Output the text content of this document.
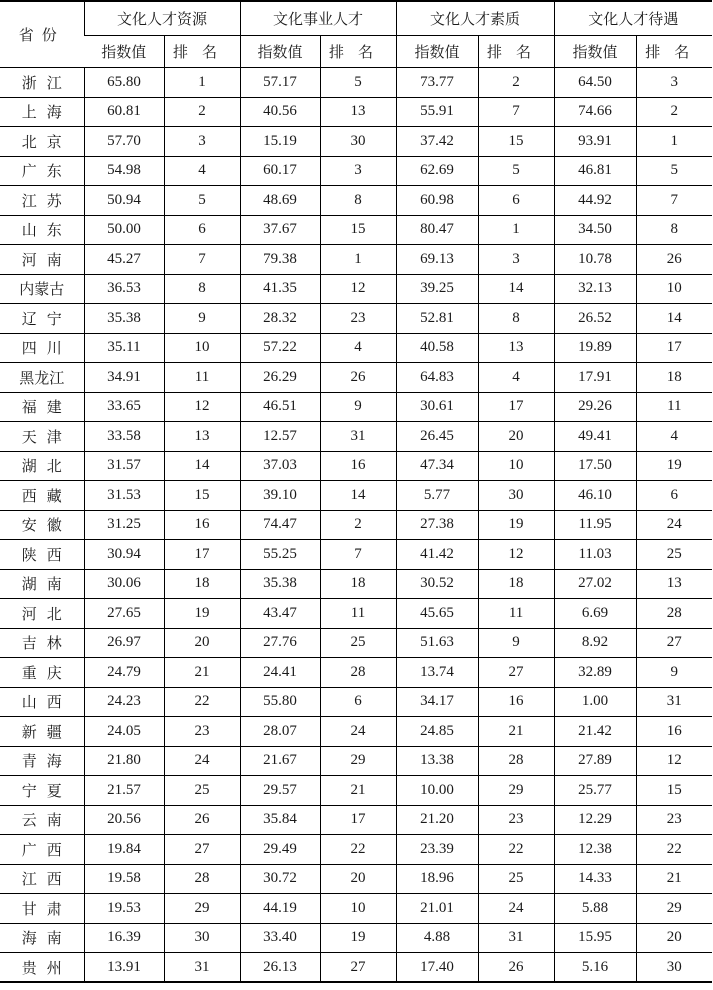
省份	文化人才资源		文化事业人才		文化人才素质		文化人才待遇	
	指数值	排名	指数值	排名	指数值	排名	指数值	排名
浙江	65.80	1	57.17	5	73.77	2	64.50	3
上海	60.81	2	40.56	13	55.91	7	74.66	2
北京	57.70	3	15.19	30	37.42	15	93.91	1
广东	54.98	4	60.17	3	62.69	5	46.81	5
江苏	50.94	5	48.69	8	60.98	6	44.92	7
山东	50.00	6	37.67	15	80.47	1	34.50	8
河南	45.27	7	79.38	1	69.13	3	10.78	26
内蒙古	36.53	8	41.35	12	39.25	14	32.13	10
辽宁	35.38	9	28.32	23	52.81	8	26.52	14
四川	35.11	10	57.22	4	40.58	13	19.89	17
黑龙江	34.91	11	26.29	26	64.83	4	17.91	18
福建	33.65	12	46.51	9	30.61	17	29.26	11
天津	33.58	13	12.57	31	26.45	20	49.41	4
湖北	31.57	14	37.03	16	47.34	10	17.50	19
西藏	31.53	15	39.10	14	5.77	30	46.10	6
安徽	31.25	16	74.47	2	27.38	19	11.95	24
陕西	30.94	17	55.25	7	41.42	12	11.03	25
湖南	30.06	18	35.38	18	30.52	18	27.02	13
河北	27.65	19	43.47	11	45.65	11	6.69	28
吉林	26.97	20	27.76	25	51.63	9	8.92	27
重庆	24.79	21	24.41	28	13.74	27	32.89	9
山西	24.23	22	55.80	6	34.17	16	1.00	31
新疆	24.05	23	28.07	24	24.85	21	21.42	16
青海	21.80	24	21.67	29	13.38	28	27.89	12
宁夏	21.57	25	29.57	21	10.00	29	25.77	15
云南	20.56	26	35.84	17	21.20	23	12.29	23
广西	19.84	27	29.49	22	23.39	22	12.38	22
江西	19.58	28	30.72	20	18.96	25	14.33	21
甘肃	19.53	29	44.19	10	21.01	24	5.88	29
海南	16.39	30	33.40	19	4.88	31	15.95	20
贵州	13.91	31	26.13	27	17.40	26	5.16	30
